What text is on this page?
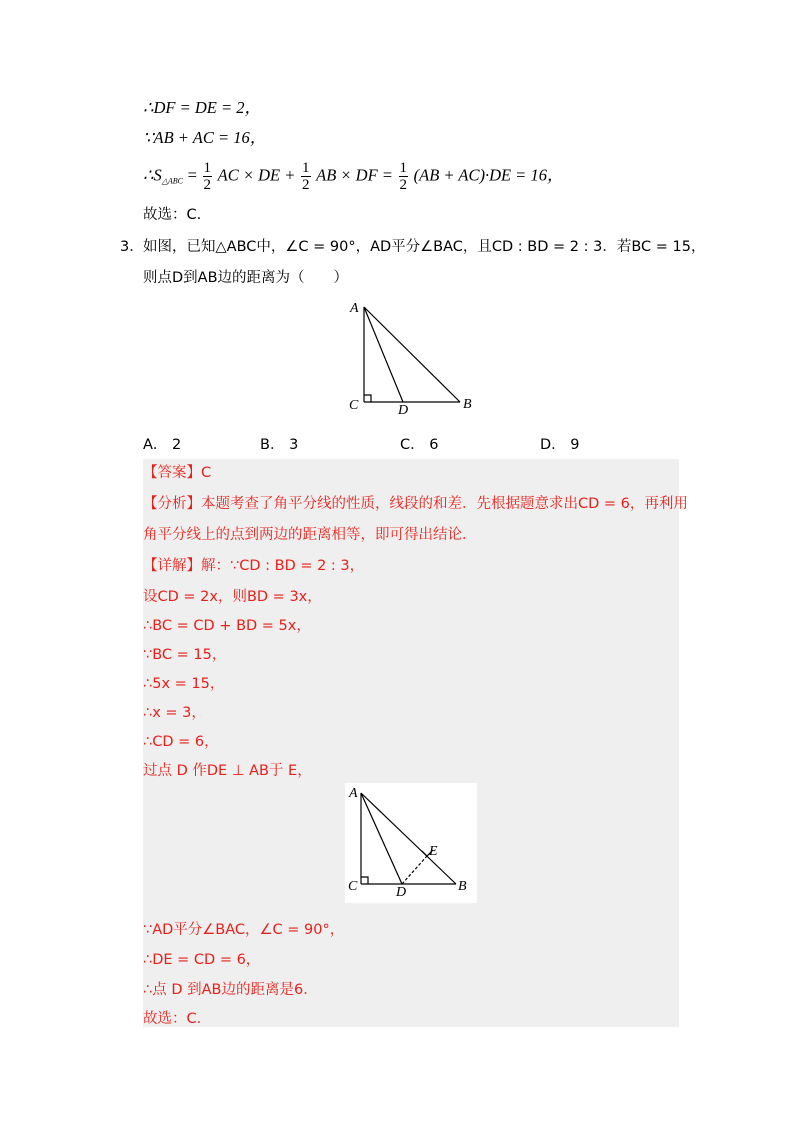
∴DF = DE = 2，
∵AB + AC = 16，
$\therefore S_{\triangle ABC} = \frac{1}{2}$ AC × DE + $\frac{1}{2}$ AB × DF = $\frac{1}{2} (AB + AC)\cdot DE = 16$，
故选：C.
3． 如图，已知△ABC中，∠C = 90°，AD平分∠BAC，且CD : BD = 2 : 3．若BC = 15，
则点D到AB边的距离为（　　）
A
C	D	B
A． 2	B． 3	C． 6	D． 9
【答案】C
【分析】本题考查了角平分线的性质，线段的和差．先根据题意求出CD = 6，再利用
角平分线上的点到两边的距离相等，即可得出结论．
【详解】解：∵CD : BD = 2 : 3，
设CD = 2x，则BD = 3x，
∴BC = CD + BD = 5x，
∵BC = 15，
∴5x = 15，
∴x = 3，
∴CD = 6，
过点 D 作DE ⊥ AB于 E，
A
C	D	B
E
∵AD平分∠BAC，∠C = 90°，
∴DE = CD = 6，
∴点 D 到AB边的距离是6．
故选：C.
